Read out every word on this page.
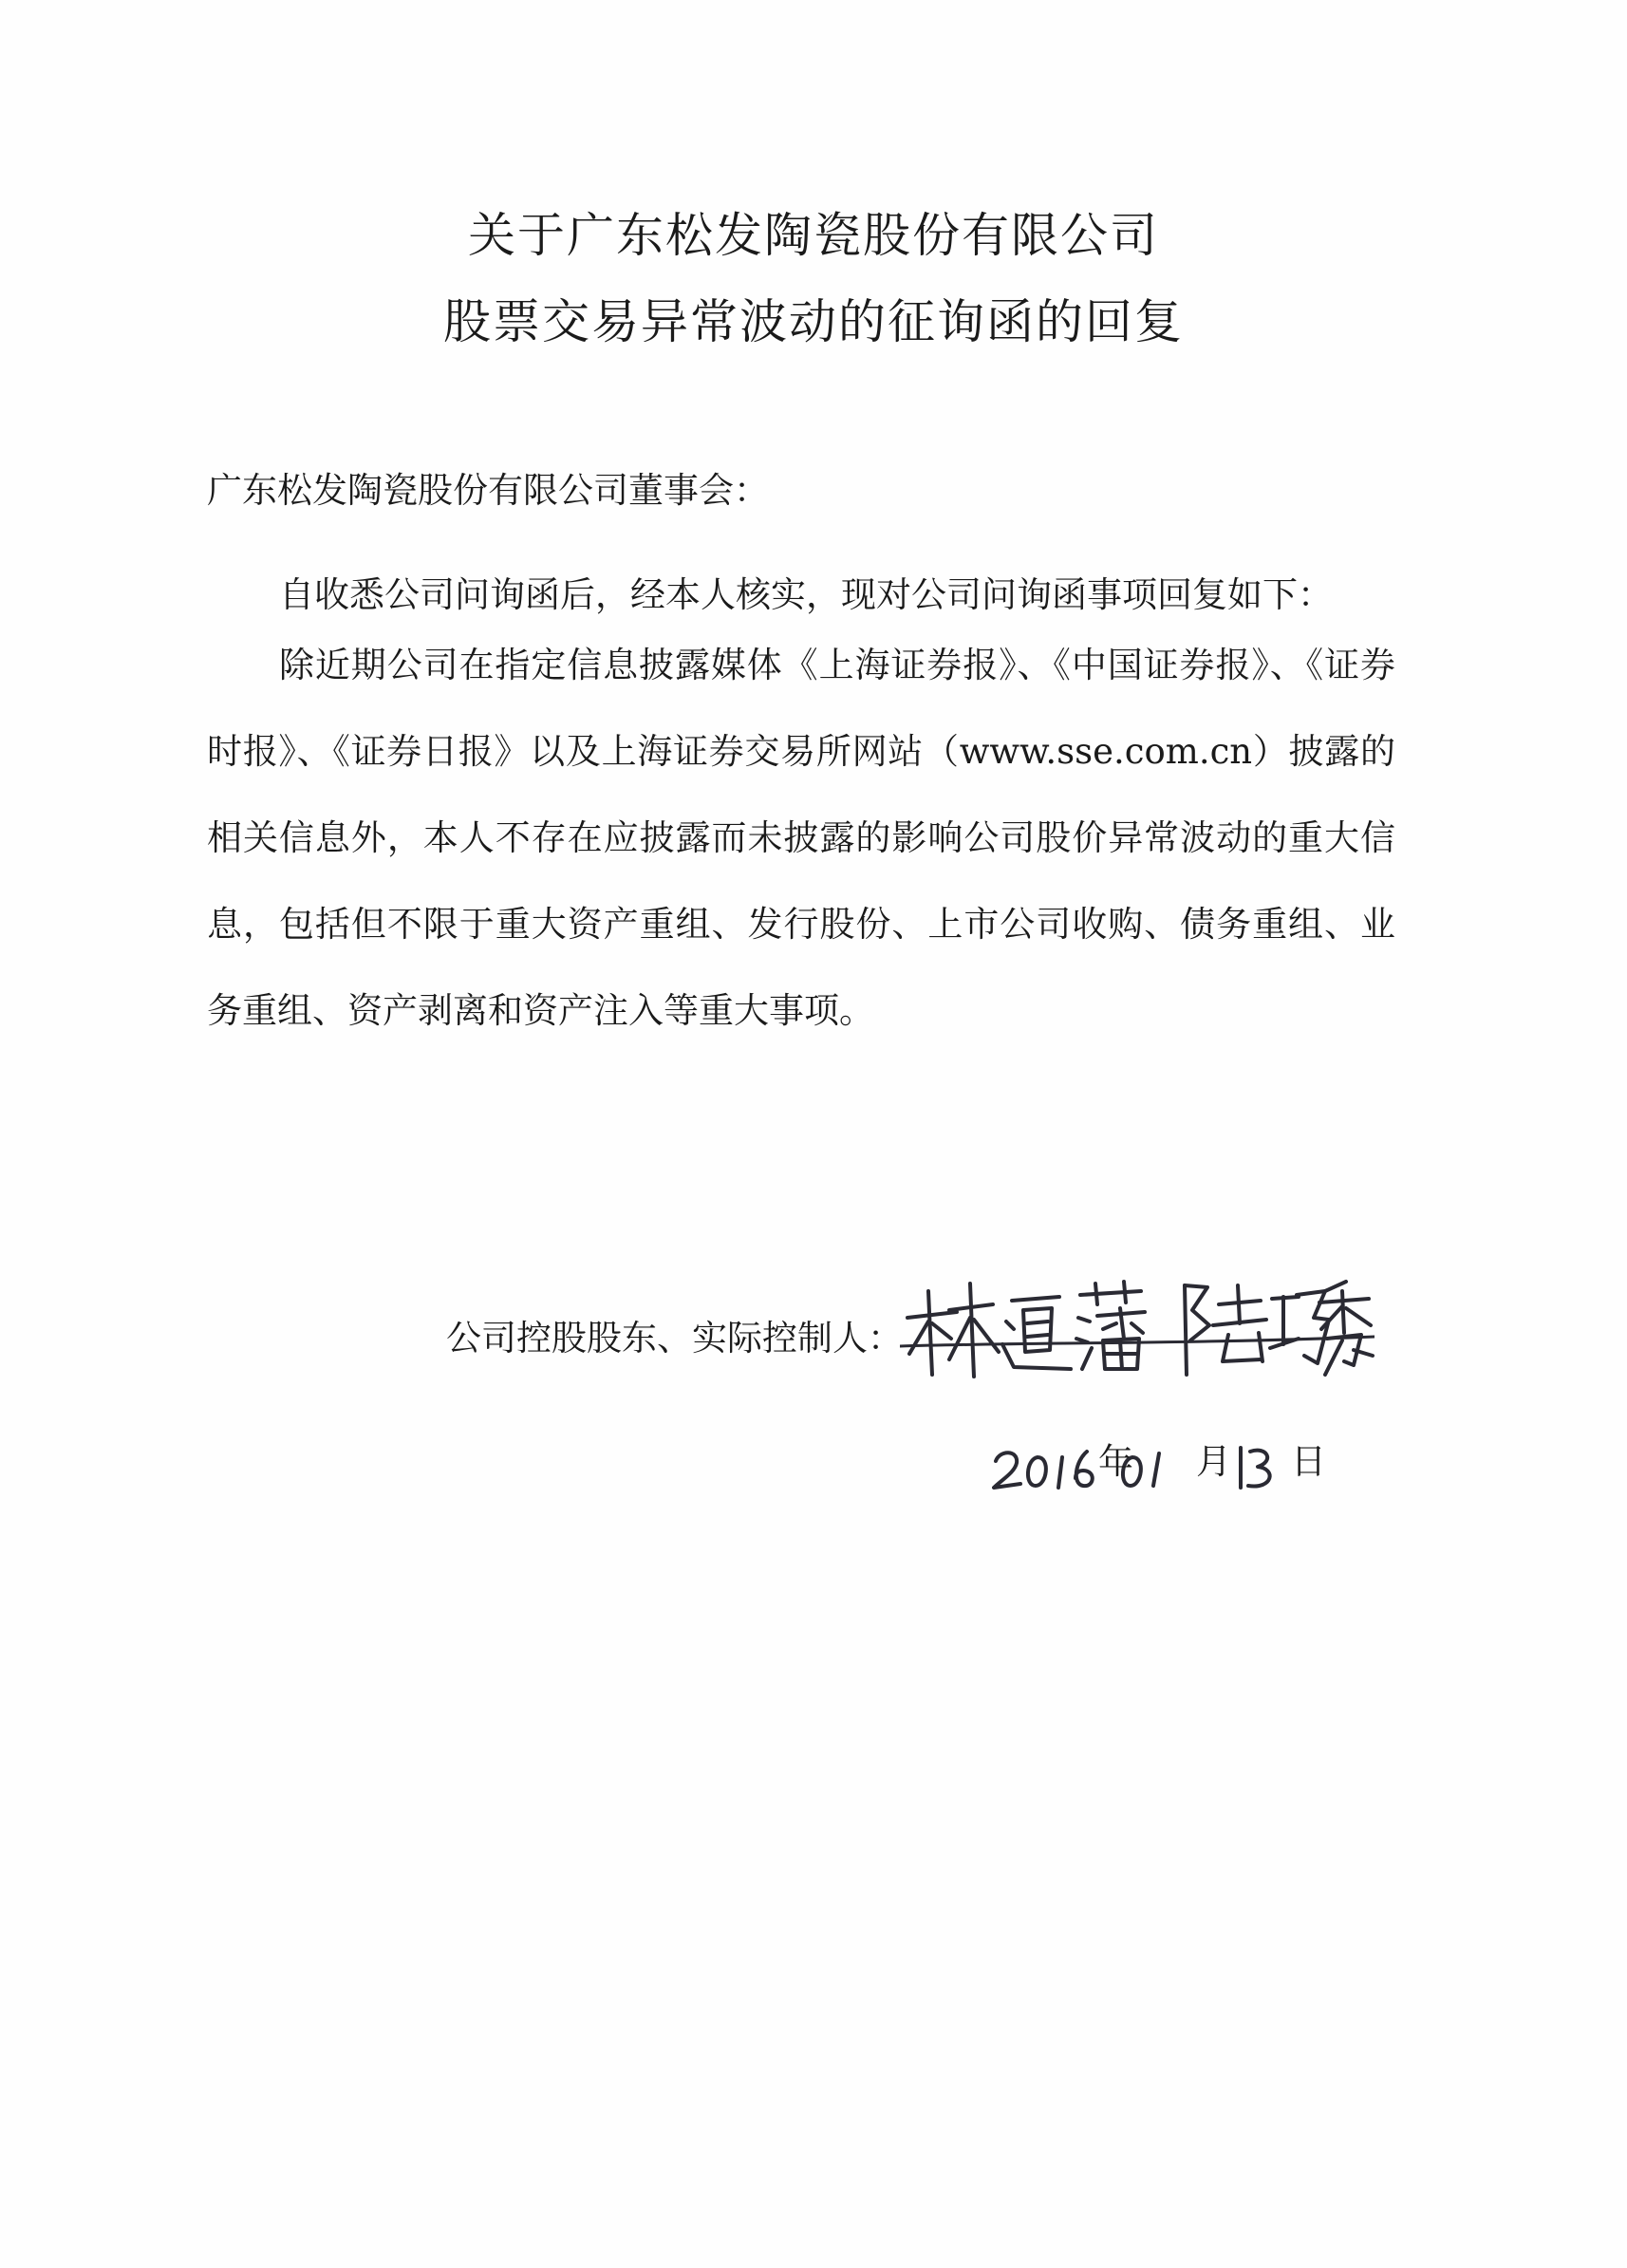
关于广东松发陶瓷股份有限公司
股票交易异常波动的征询函的回复
广东松发陶瓷股份有限公司董事会：
自收悉公司问询函后，经本人核实，现对公司问询函事项回复如下：
除近期公司在指定信息披露媒体《上海证券报》、《中国证券报》、《证券时报》、《证券日报》以及上海证券交易所网站（www.sse.com.cn）披露的相关信息外，本人不存在应披露而未披露的影响公司股价异常波动的重大信息，包括但不限于重大资产重组、发行股份、上市公司收购、债务重组、业务重组、资产剥离和资产注入等重大事项。
公司控股股东、实际控制人：
年 月 日
